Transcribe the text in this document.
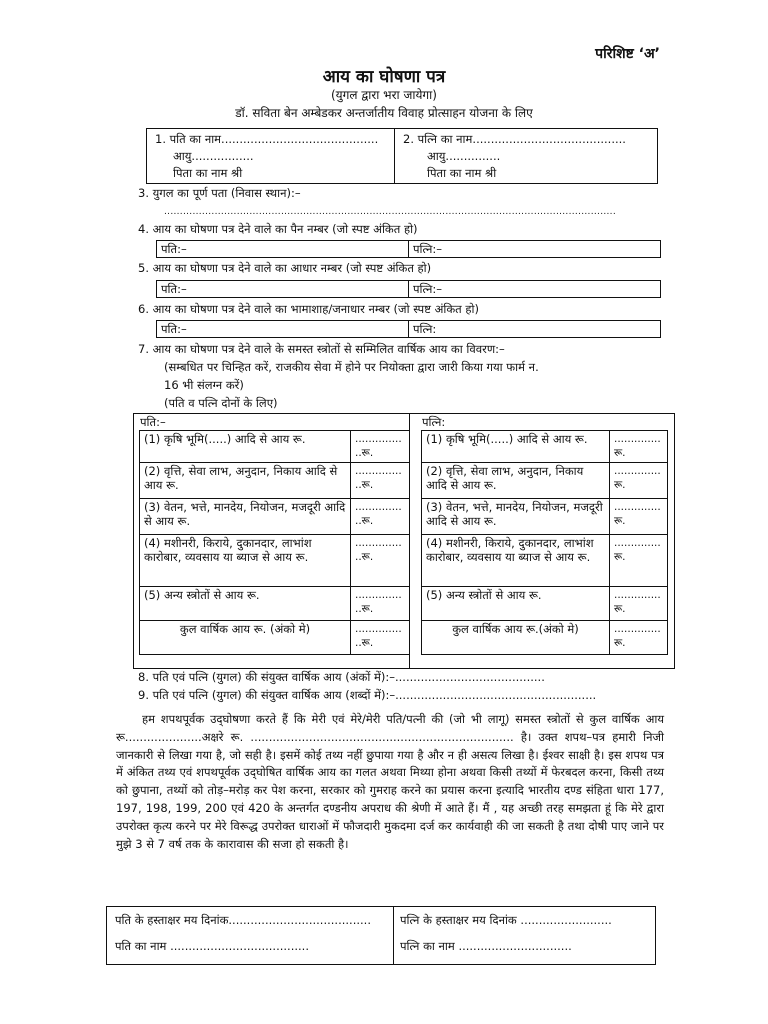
परिशिष्ट ‘अ’
आय का घोषणा पत्र
(युगल द्वारा भरा जायेगा)
डॉ. सविता बेन अम्बेडकर अन्तर्जातीय विवाह प्रोत्साहन योजना के लिए
1. पति का नाम...........................................
आयु.................
पिता का नाम श्री
2. पत्नि का नाम..........................................
आयु...............
पिता का नाम श्री
3. युगल का पूर्ण पता (निवास स्थान):–
...............................................................................................................................................
4. आय का घोषणा पत्र देने वाले का पैन नम्बर (जो स्पष्ट अंकित हो)
पति:–	पत्नि:–
5. आय का घोषणा पत्र देने वाले का आधार नम्बर (जो स्पष्ट अंकित हो)
पति:–	पत्नि:–
6. आय का घोषणा पत्र देने वाले का भामाशाह/जनाधार नम्बर (जो स्पष्ट अंकित हो)
पति:–	पत्नि:
7. आय का घोषणा पत्र देने वाले के समस्त स्त्रोतों से सम्मिलित वार्षिक आय का विवरण:–
(सम्बधित पर चिन्हित करें, राजकीय सेवा में होने पर नियोक्ता द्वारा जारी किया गया फार्म न.
16 भी संलग्न करें)
(पति व पत्नि दोनों के लिए)
पति:–	पत्नि:
(1) कृषि भूमि(.....) आदि से आय रू.	..............
..रू.

(2) वृत्ति, सेवा लाभ, अनुदान, निकाय आदि से आय रू.	..............
..रू.

(3) वेतन, भत्ते, मानदेय, नियोजन, मजदूरी आदि से आय रू.	..............
..रू.

(4) मशीनरी, किराये, दुकानदार, लाभांश कारोबार, व्यवसाय या ब्याज से आय रू.	..............
..रू.

(5) अन्य स्त्रोतों से आय रू.	..............
..रू.

कुल वार्षिक आय रू. (अंको मे)	..............
..रू.
(1) कृषि भूमि(.....) आदि से आय रू.	..............
रू.

(2) वृत्ति, सेवा लाभ, अनुदान, निकाय आदि से आय रू.	..............
रू.

(3) वेतन, भत्ते, मानदेय, नियोजन, मजदूरी आदि से आय रू.	..............
रू.

(4) मशीनरी, किराये, दुकानदार, लाभांश कारोबार, व्यवसाय या ब्याज से आय रू.	..............
रू.

(5) अन्य स्त्रोतों से आय रू.	..............
रू.

कुल वार्षिक आय रू.(अंको मे)	..............
रू.
8. पति एवं पत्नि (युगल) की संयुक्त वार्षिक आय (अंकों में):–.........................................
9. पति एवं पत्नि (युगल) की संयुक्त वार्षिक आय (शब्दों में):–.......................................................
हम शपथपूर्वक उद्‌घोषणा करते हैं कि मेरी एवं मेरे/मेरी पति/पत्नी की (जो भी लागू) समस्त स्त्रोतों से कुल वार्षिक आय रू.....................अक्षरे रू. ........................................................................ है। उक्त शपथ–पत्र हमारी निजी जानकारी से लिखा गया है, जो सही है। इसमें कोई तथ्य नहीं छुपाया गया है और न ही असत्य लिखा है। ईश्वर साक्षी है। इस शपथ पत्र में अंकित तथ्य एवं शपथपूर्वक उद्‌घोषित वार्षिक आय का गलत अथवा मिथ्या होना अथवा किसी तथ्यों में फेरबदल करना, किसी तथ्य को छुपाना, तथ्यों को तोड़–मरोड़ कर पेश करना, सरकार को गुमराह करने का प्रयास करना इत्यादि भारतीय दण्ड संहिता धारा 177, 197, 198, 199, 200 एवं 420 के अन्तर्गत दण्डनीय अपराध की श्रेणी में आते हैं। मैं , यह अच्छी तरह समझता हूं कि मेरे द्वारा उपरोक्त कृत्य करने पर मेरे विरूद्ध उपरोक्त धाराओं में फौजदारी मुकदमा दर्ज कर कार्यवाही की जा सकती है तथा दोषी पाए जाने पर मुझे 3 से 7 वर्ष तक के कारावास की सजा हो सकती है।
पति के हस्ताक्षर मय दिनांक.......................................
पति का नाम ......................................
पत्नि के हस्ताक्षर मय दिनांक .........................
पत्नि का नाम ...............................
